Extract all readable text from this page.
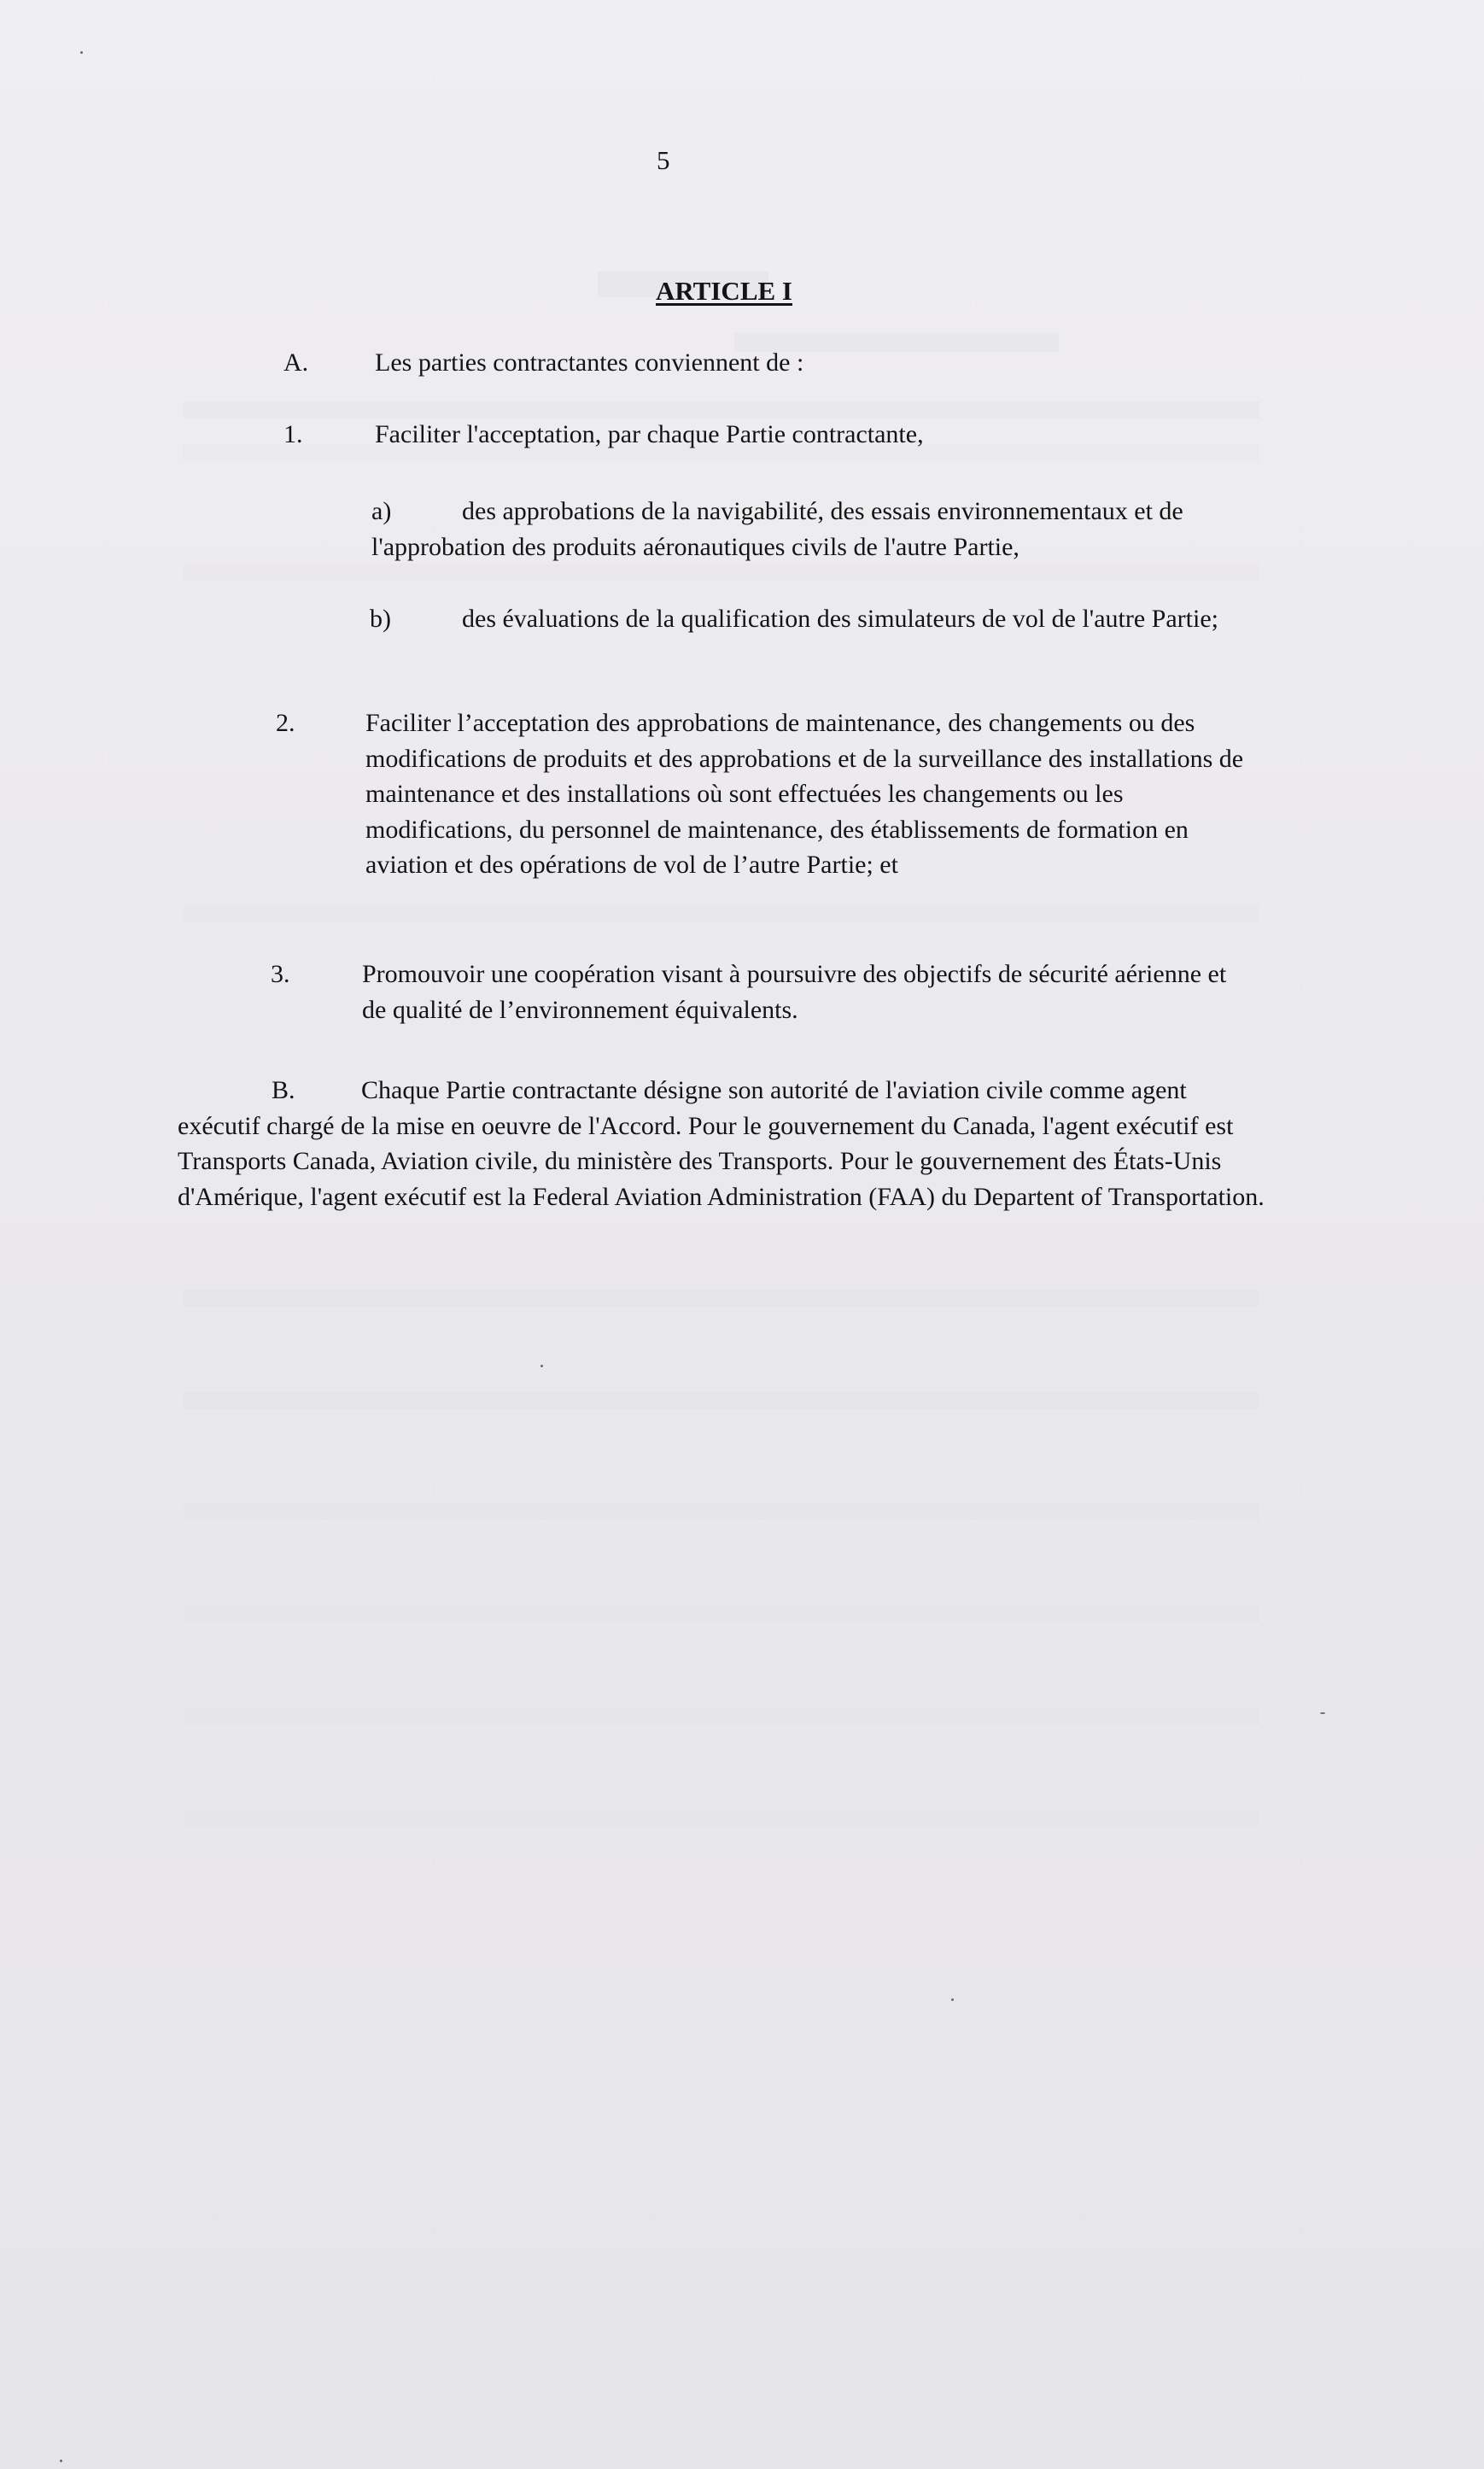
5
ARTICLE I
A.	Les parties contractantes conviennent de :
1.	Faciliter l'acceptation, par chaque Partie contractante,
a)	des approbations de la navigabilité, des essais environnementaux et de l'approbation des produits aéronautiques civils de l'autre Partie,
b)	des évaluations de la qualification des simulateurs de vol de l'autre Partie;
2.	Faciliter l’acceptation des approbations de maintenance, des changements ou des modifications de produits et des approbations et de la surveillance des installations de maintenance et des installations où sont effectuées les changements ou les modifications, du personnel de maintenance, des établissements de formation en aviation et des opérations de vol de l’autre Partie; et
3.	Promouvoir une coopération visant à poursuivre des objectifs de sécurité aérienne et de qualité de l’environnement équivalents.
B.	Chaque Partie contractante désigne son autorité de l'aviation civile comme agent exécutif chargé de la mise en oeuvre de l'Accord. Pour le gouvernement du Canada, l'agent exécutif est Transports Canada, Aviation civile, du ministère des Transports. Pour le gouvernement des États-Unis d'Amérique, l'agent exécutif est la Federal Aviation Administration (FAA) du Departent of Transportation.
